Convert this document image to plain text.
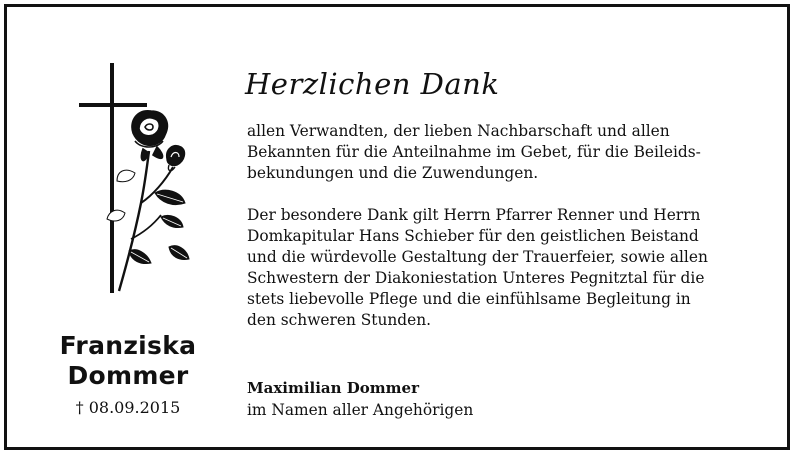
Franziska
Dommer
† 08.09.2015
Herzlichen Dank

allen Verwandten, der lieben Nachbarschaft und allen
Bekannten für die Anteilnahme im Gebet, für die Beileids-
bekundungen und die Zuwendungen.

Der besondere Dank gilt Herrn Pfarrer Renner und Herrn
Domkapitular Hans Schieber für den geistlichen Beistand
und die würdevolle Gestaltung der Trauerfeier, sowie allen
Schwestern der Diakoniestation Unteres Pegnitztal für die
stets liebevolle Pflege und die einfühlsame Begleitung in
den schweren Stunden.

Maximilian Dommer
im Namen aller Angehörigen
